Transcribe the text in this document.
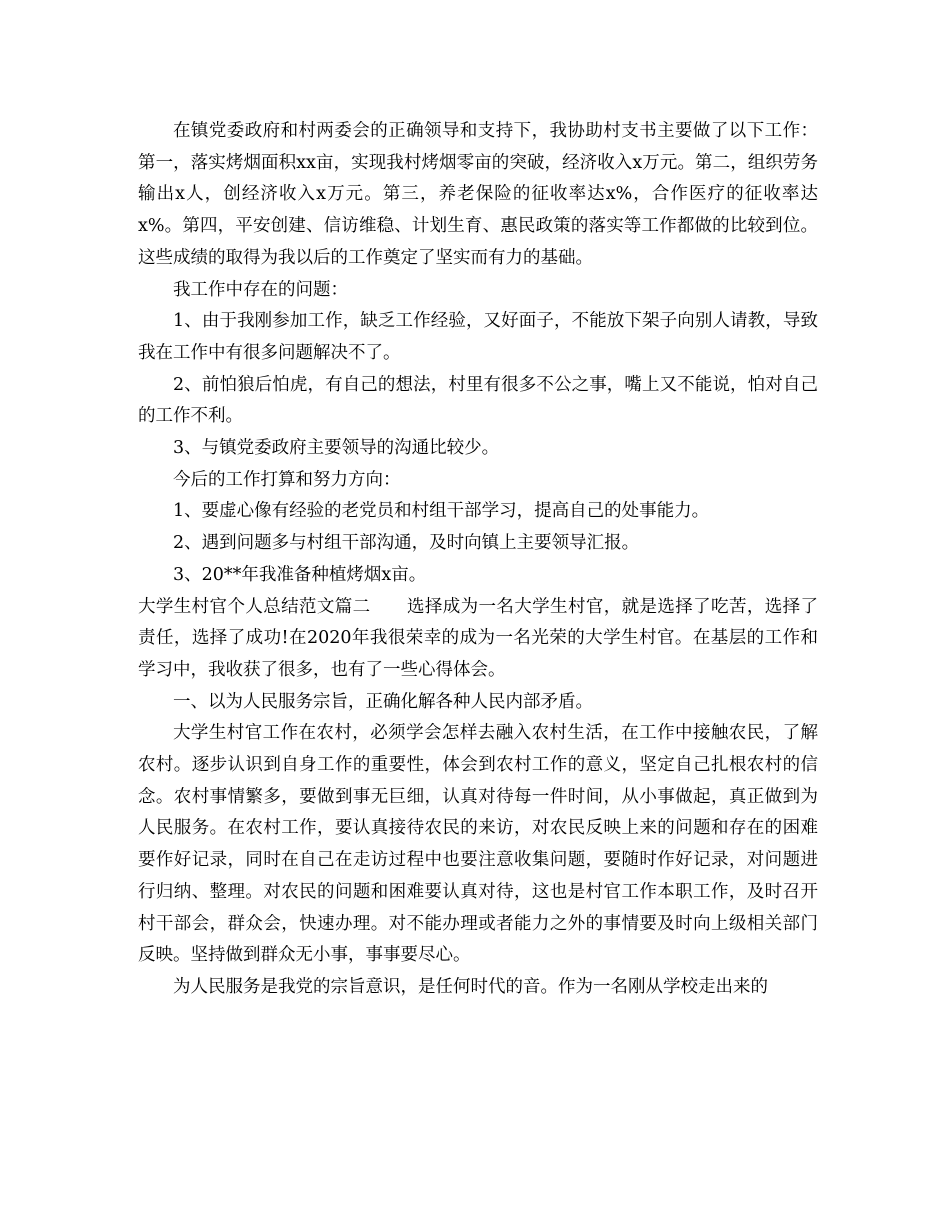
在镇党委政府和村两委会的正确领导和支持下，我协助村支书主要做了以下工作：第一，落实烤烟面积xx亩，实现我村烤烟零亩的突破，经济收入x万元。第二，组织劳务输出x人，创经济收入x万元。第三，养老保险的征收率达x%，合作医疗的征收率达x%。第四，平安创建、信访维稳、计划生育、惠民政策的落实等工作都做的比较到位。这些成绩的取得为我以后的工作奠定了坚实而有力的基础。

我工作中存在的问题：

1、由于我刚参加工作，缺乏工作经验，又好面子，不能放下架子向别人请教，导致我在工作中有很多问题解决不了。

2、前怕狼后怕虎，有自己的想法，村里有很多不公之事，嘴上又不能说，怕对自己的工作不利。

3、与镇党委政府主要领导的沟通比较少。

今后的工作打算和努力方向：

1、要虚心像有经验的老党员和村组干部学习，提高自己的处事能力。

2、遇到问题多与村组干部沟通，及时向镇上主要领导汇报。

3、20**年我准备种植烤烟x亩。

大学生村官个人总结范文篇二 选择成为一名大学生村官，就是选择了吃苦，选择了责任，选择了成功!在2020年我很荣幸的成为一名光荣的大学生村官。在基层的工作和学习中，我收获了很多，也有了一些心得体会。

一、以为人民服务宗旨，正确化解各种人民内部矛盾。

大学生村官工作在农村，必须学会怎样去融入农村生活，在工作中接触农民，了解农村。逐步认识到自身工作的重要性，体会到农村工作的意义，坚定自己扎根农村的信念。农村事情繁多，要做到事无巨细，认真对待每一件时间，从小事做起，真正做到为人民服务。在农村工作，要认真接待农民的来访，对农民反映上来的问题和存在的困难要作好记录，同时在自己在走访过程中也要注意收集问题，要随时作好记录，对问题进行归纳、整理。对农民的问题和困难要认真对待，这也是村官工作本职工作，及时召开村干部会，群众会，快速办理。对不能办理或者能力之外的事情要及时向上级相关部门反映。坚持做到群众无小事，事事要尽心。

为人民服务是我党的宗旨意识，是任何时代的音。作为一名刚从学校走出来的
